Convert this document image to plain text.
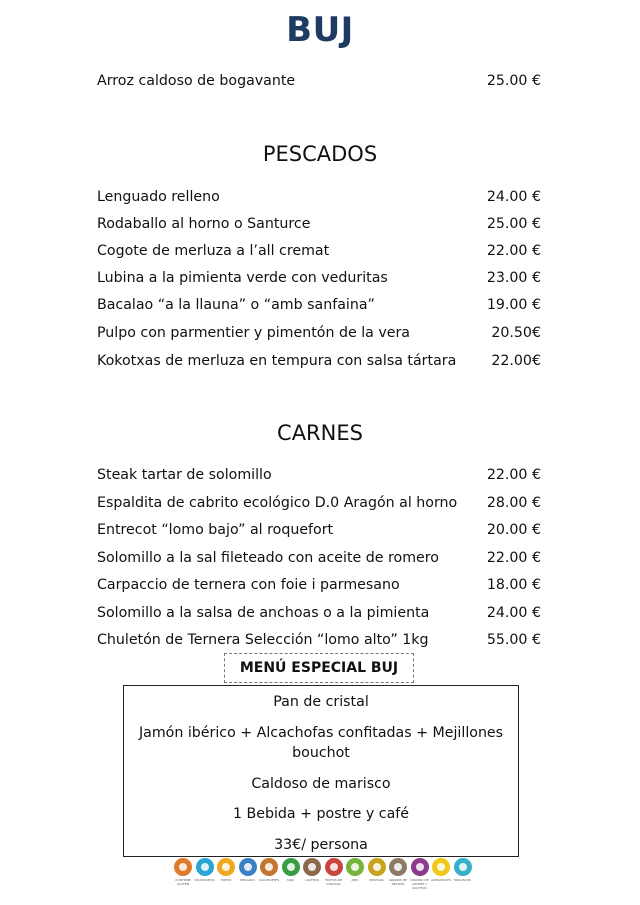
BUJ
Arroz caldoso de bogavante	25.00 €
PESCADOS
Lenguado relleno	24.00 €
Rodaballo al horno o Santurce	25.00 €
Cogote de merluza a l’all cremat	22.00 €
Lubina a la pimienta verde con veduritas	23.00 €
Bacalao “a la llauna” o “amb sanfaina”	19.00 €
Pulpo con parmentier y pimentón de la vera	20.50€
Kokotxas de merluza en tempura con salsa tártara 22.00€
CARNES
Steak tartar de solomillo	22.00 €
Espaldita de cabrito ecológico D.0 Aragón al horno 28.00 €
Entrecot “lomo bajo” al roquefort	20.00 €
Solomillo a la sal fileteado con aceite de romero	22.00 €
Carpaccio de ternera con foie i parmesano	18.00 €
Solomillo a la salsa de anchoas o a la pimienta	24.00 €
Chuletón de Ternera Selección “lomo alto” 1kg	55.00 €
MENÚ ESPECIAL BUJ
Pan de cristal
Jamón ibérico + Alcachofas confitadas + Mejillones bouchot
Caldoso de marisco
1 Bebida + postre y café
33€/ persona
CONTIENE GLUTEN
CRUSTÁCEOS	HUEVO	PESCADO	CACAHUETES	SOJA	LÁCTEOS	FRUTOS DE CÁSCARA
APIO	MOSTAZA	GRANOS DE SÉSAMO
DIÓXIDO DE AZUFRE Y SULFITOS
ALTRAMUCES	MOLUSCOS
